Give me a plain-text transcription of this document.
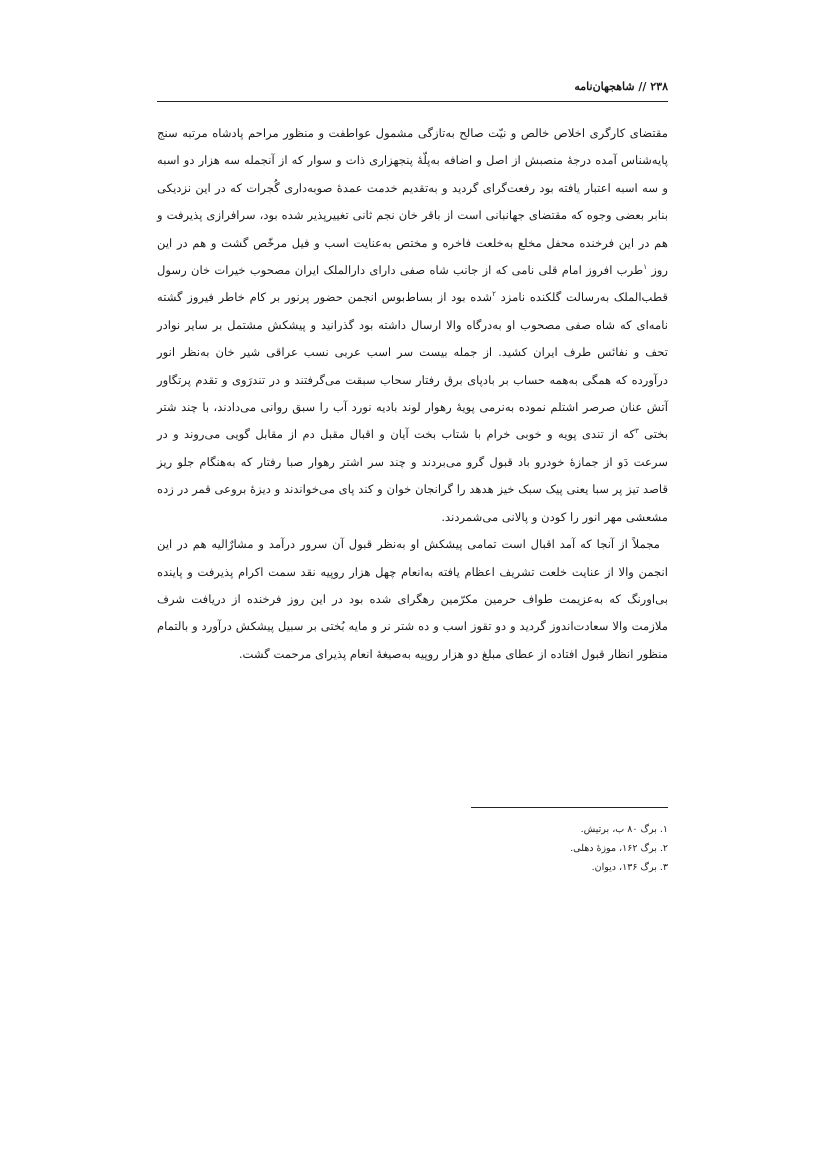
۲۳۸ // شاهجهان‌نامه

مقتضای کارگری اخلاص خالص و نیّت صالح به‌تازگی مشمول عواطفت و منظور مراحم پادشاه مرتبه سنج پایه‌شناس آمده درجهٔ منصبش از اصل و اضافه به‌پلّهٔ پنجهزاری ذات و سوار که از آنجمله سه هزار دو اسبه و سه اسبه اعتبار یافته بود رفعت‌گرای گردید و به‌تقدیم خدمت عمدهٔ صوبه‌داری گُجرات که در این نزدیکی بنابر بعضی وجوه که مقتضای جهانبانی است از باقر خان نجم ثانی تغییرپذیر شده بود، سرافرازی پذیرفت و هم در این فرخنده محفل مخلع به‌خلعت فاخره و مختص به‌عنایت اسب و فیل مرخّص گشت و هم در این روز $^۱$طرب افروز امام قلی نامی که از جانب شاه صفی دارای دارالملک ایران مصحوب خیرات خان رسول قطب‌الملک به‌رسالت گلکنده نامزد $^۲$شده بود از بساط‌بوس انجمن حضور پرنور بر کام خاطر فیروز گشته نامه‌ای که شاه صفی مصحوب او به‌درگاه والا ارسال داشته بود گذرانید و پیشکش مشتمل بر سایر نوادر تحف و نفائس طرف ایران کشید. از جمله بیست سر اسب عربی نسب عراقی شیر خان به‌نظر انور درآورده که همگی به‌همه حساب بر بادپای برق رفتار سحاب سبقت می‌گرفتند و در تندرَوی و تقدم پرتگاور آتش عنان صرصر اشتلم نموده به‌نرمی پویهٔ رهوار لوند بادیه نورد آب را سبق روانی می‌دادند، با چند شتر بختی $^۳$که از تندی پویه و خوبی خرام با شتاب بخت آیان و اقبال مقبل دم از مقابل گویی می‌روند و در سرعت دَو از جمازهٔ خودرو باد قبول گرو می‌بردند و چند سر اشتر رهوار صبا رفتار که به‌هنگام جلو ریز قاصد تیز پر سبا یعنی پیک سبک خیز هدهد را گرانجان خوان و کند پای می‌خواندند و دیزهٔ بروعی قمر در زده مشعشی مهر انور را کودن و پالانی می‌شمردند.

مجملاً از آنجا که آمد اقبال است تمامی پیشکش او به‌نظر قبول آن سرور درآمد و مشارٌالیه هم در این انجمن والا از عنایت خلعت تشریف اعظام یافته به‌انعام چهل هزار روپیه نقد سمت اکرام پذیرفت و پاینده بی‌اورنگ که به‌عزیمت طواف حرمین مکرّمین رهگرای شده بود در این روز فرخنده از دریافت شرف ملازمت والا سعادت‌اندوز گردید و دو تقوز اسب و ده شتر نر و مایه بُختی بر سبیل پیشکش درآورد و بالتمام منظور انظار قبول افتاده از عطای مبلغ دو هزار روپیه به‌صیغهٔ انعام پذیرای مرحمت گشت.

۱. برگ ۸۰ ب، برتیش.

۲. برگ ۱۶۲، موزهٔ دهلی.

۳. برگ ۱۳۶، دیوان.
